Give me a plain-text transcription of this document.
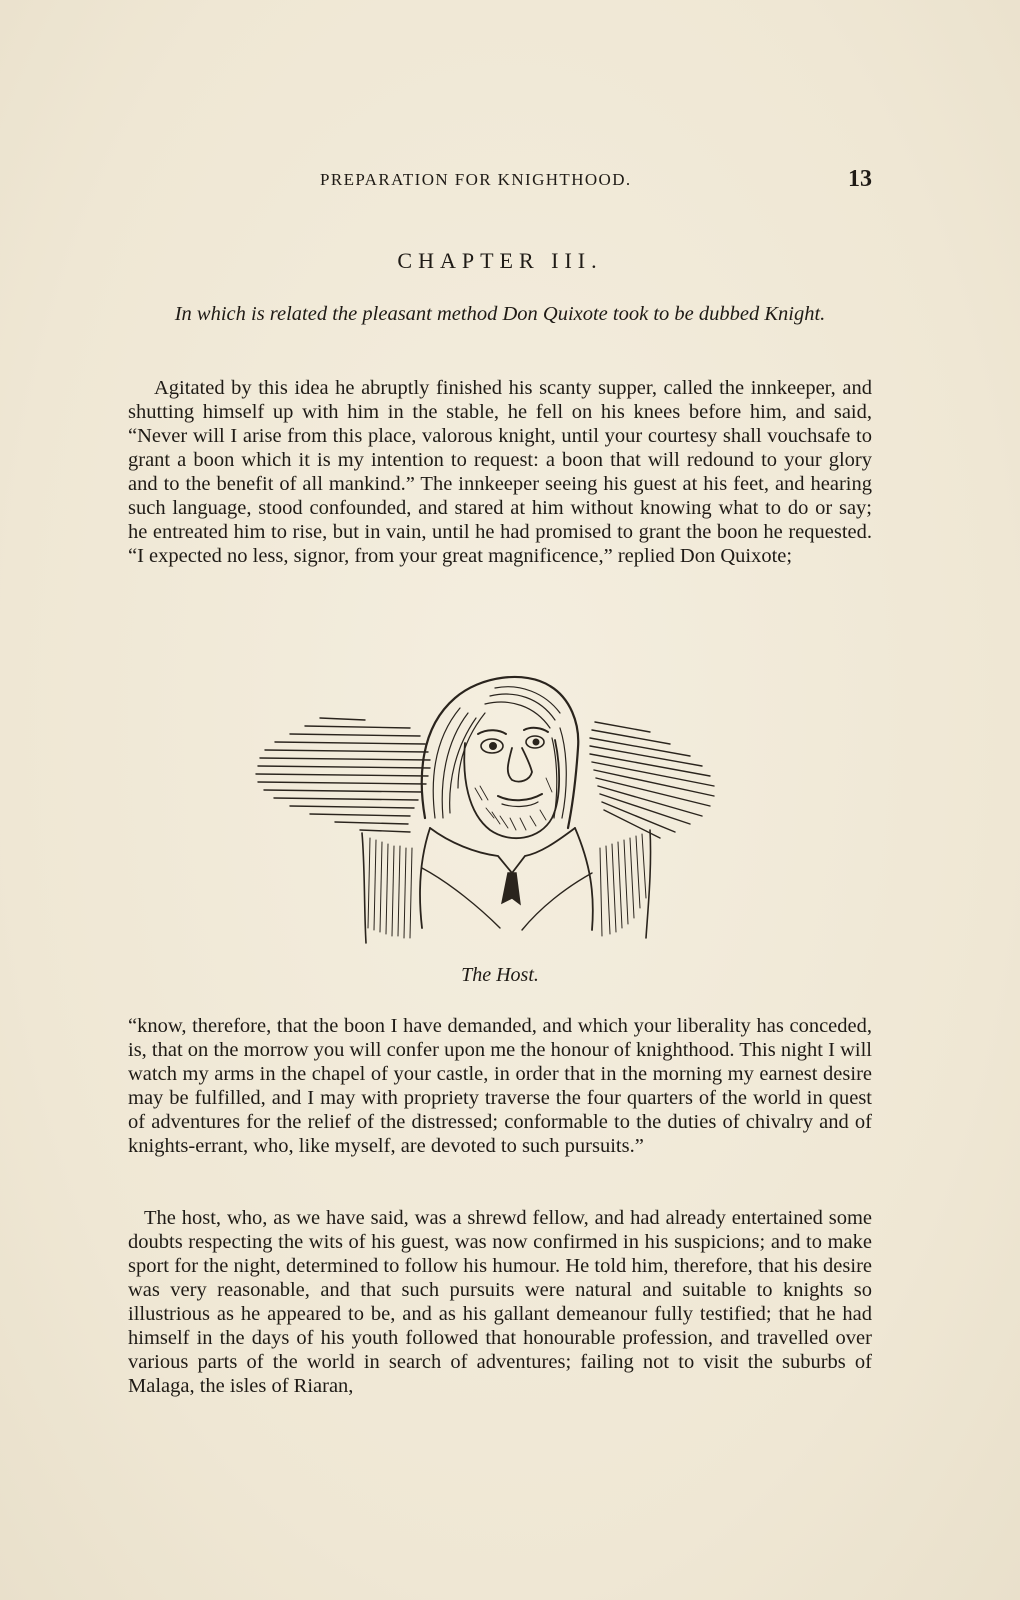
PREPARATION FOR KNIGHTHOOD.	13
CHAPTER III.
In which is related the pleasant method Don Quixote took to be dubbed Knight.

Agitated by this idea he abruptly finished his scanty supper, called the innkeeper, and shutting himself up with him in the stable, he fell on his knees before him, and said, “Never will I arise from this place, valorous knight, until your courtesy shall vouchsafe to grant a boon which it is my intention to request: a boon that will redound to your glory and to the benefit of all mankind.” The innkeeper seeing his guest at his feet, and hearing such language, stood confounded, and stared at him without knowing what to do or say; he entreated him to rise, but in vain, until he had promised to grant the boon he requested. “I expected no less, signor, from your great magnificence,” replied Don Quixote;

The Host.

“know, therefore, that the boon I have demanded, and which your liberality has conceded, is, that on the morrow you will confer upon me the honour of knighthood. This night I will watch my arms in the chapel of your castle, in order that in the morning my earnest desire may be fulfilled, and I may with propriety traverse the four quarters of the world in quest of adventures for the relief of the distressed; conformable to the duties of chivalry and of knights-errant, who, like myself, are devoted to such pursuits.”

The host, who, as we have said, was a shrewd fellow, and had already entertained some doubts respecting the wits of his guest, was now confirmed in his suspicions; and to make sport for the night, determined to follow his humour. He told him, therefore, that his desire was very reasonable, and that such pursuits were natural and suitable to knights so illustrious as he appeared to be, and as his gallant demeanour fully testified; that he had himself in the days of his youth followed that honourable profession, and travelled over various parts of the world in search of adventures; failing not to visit the suburbs of Malaga, the isles of Riaran,
